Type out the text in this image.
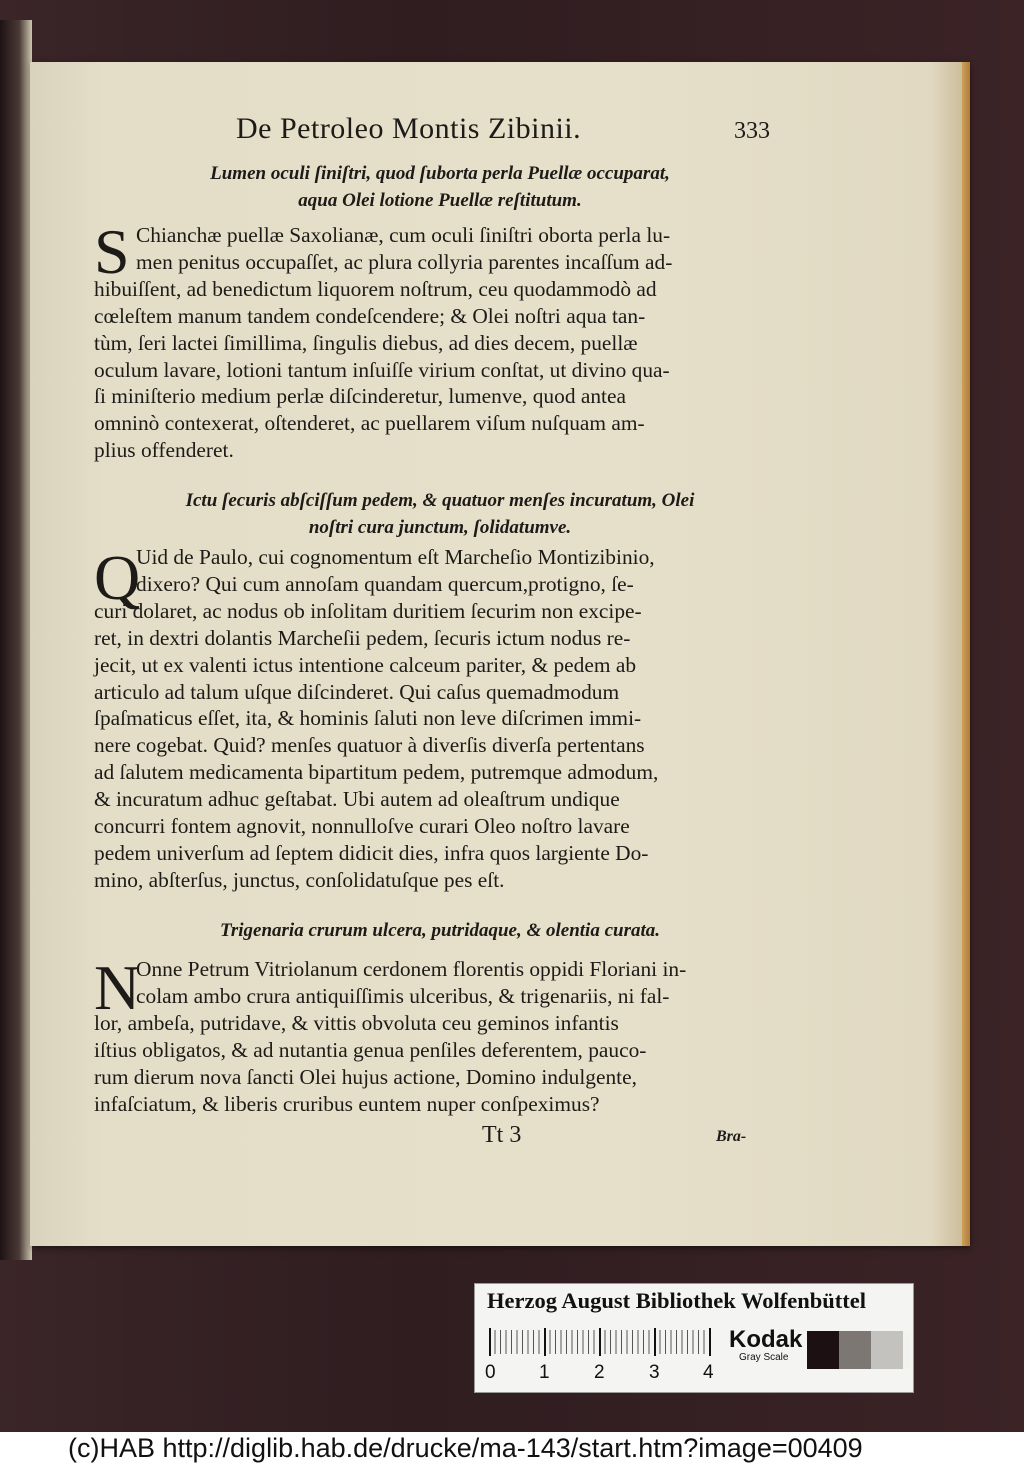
De Petroleo Montis Zibinii.	333
Lumen oculi ſiniſtri, quod ſuborta perla Puellæ occuparat,
aqua Olei lotione Puellæ reſtitutum.
S Chianchæ puellæ Saxolianæ, cum oculi ſiniſtri oborta perla lu-
men penitus occupaſſet, ac plura collyria parentes incaſſum ad-
hibuiſſent, ad benedictum liquorem noſtrum, ceu quodammodò ad
cœleſtem manum tandem condeſcendere; & Olei noſtri aqua tan-
tùm, ſeri lactei ſimillima, ſingulis diebus, ad dies decem, puellæ
oculum lavare, lotioni tantum inſuiſſe virium conſtat, ut divino qua-
ſi miniſterio medium perlæ diſcinderetur, lumenve, quod antea
omninò contexerat, oſtenderet, ac puellarem viſum nuſquam am-
plius offenderet.
Ictu ſecuris abſciſſum pedem, & quatuor menſes incuratum, Olei
noſtri cura junctum, ſolidatumve.
Q
Uid de Paulo, cui cognomentum eſt Marcheſio Montizibinio,
dixero? Qui cum annoſam quandam quercum,protigno, ſe-
curi dolaret, ac nodus ob inſolitam duritiem ſecurim non excipe-
ret, in dextri dolantis Marcheſii pedem, ſecuris ictum nodus re-
jecit, ut ex valenti ictus intentione calceum pariter, & pedem ab
articulo ad talum uſque diſcinderet. Qui caſus quemadmodum
ſpaſmaticus eſſet, ita, & hominis ſaluti non leve diſcrimen immi-
nere cogebat. Quid? menſes quatuor à diverſis diverſa pertentans
ad ſalutem medicamenta bipartitum pedem, putremque admodum,
& incuratum adhuc geſtabat. Ubi autem ad oleaſtrum undique
concurri fontem agnovit, nonnulloſve curari Oleo noſtro lavare
pedem univerſum ad ſeptem didicit dies, infra quos largiente Do-
mino, abſterſus, junctus, conſolidatuſque pes eſt.
Trigenaria crurum ulcera, putridaque, & olentia curata.
N
Onne Petrum Vitriolanum cerdonem florentis oppidi Floriani in-
colam ambo crura antiquiſſimis ulceribus, & trigenariis, ni fal-
lor, ambeſa, putridave, & vittis obvoluta ceu geminos infantis
iſtius obligatos, & ad nutantia genua penſiles deferentem, pauco-
rum dierum nova ſancti Olei hujus actione, Domino indulgente,
infaſciatum, & liberis cruribus euntem nuper conſpeximus?
Tt 3	Bra-
Herzog August Bibliothek Wolfenbüttel
0 1 2 3 4
Kodak
Gray Scale
(c)HAB http://diglib.hab.de/drucke/ma-143/start.htm?image=00409
